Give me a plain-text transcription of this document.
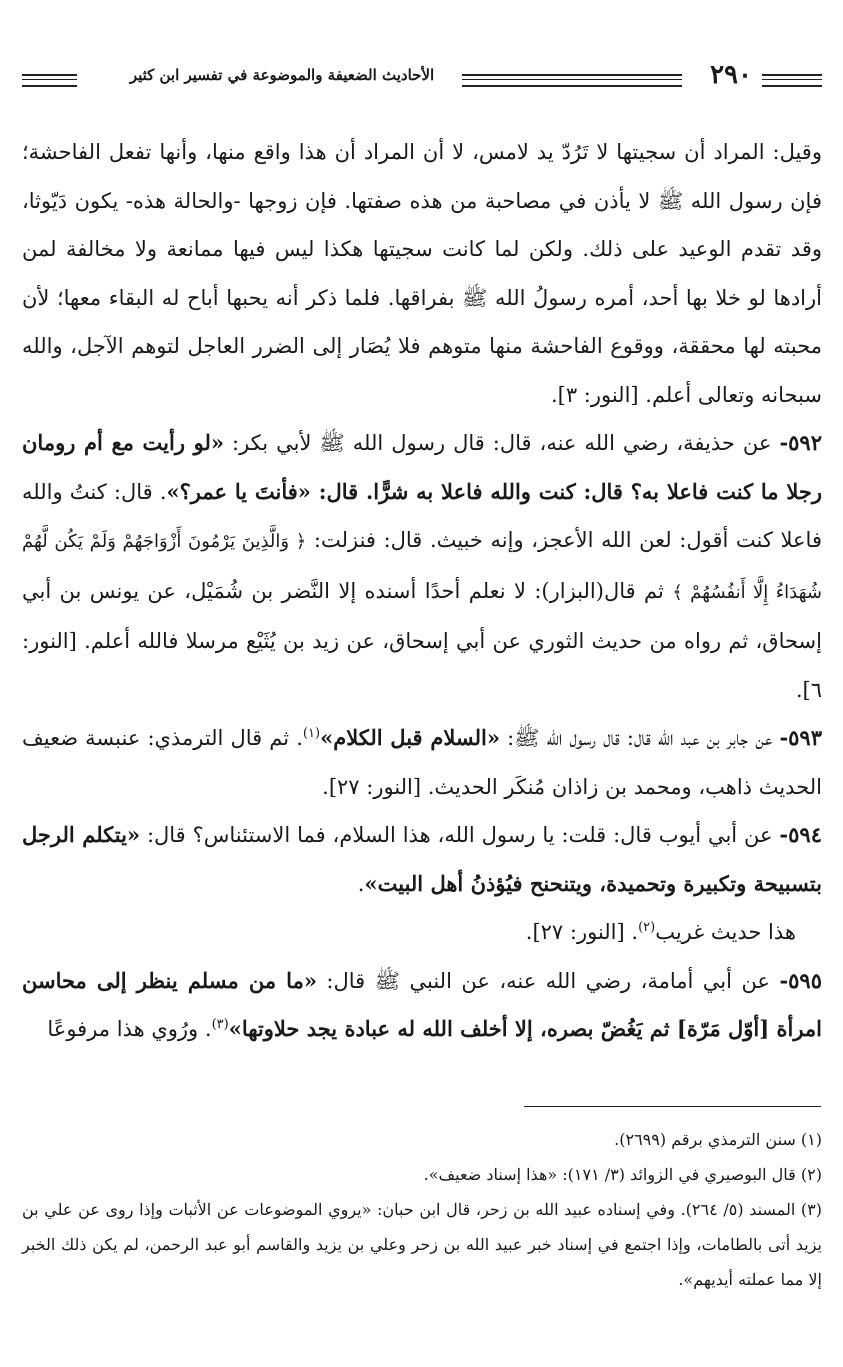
٢٩٠
الأحاديث الضعيفة والموضوعة في تفسير ابن كثير

وقيل: المراد أن سجيتها لا تَرُدّ يد لامس، لا أن المراد أن هذا واقع منها، وأنها تفعل الفاحشة؛ فإن رسول الله ﷺ لا يأذن في مصاحبة من هذه صفتها. فإن زوجها -والحالة هذه- يكون دَيّوثا، وقد تقدم الوعيد على ذلك. ولكن لما كانت سجيتها هكذا ليس فيها ممانعة ولا مخالفة لمن أرادها لو خلا بها أحد، أمره رسولُ الله ﷺ بفراقها. فلما ذكر أنه يحبها أباح له البقاء معها؛ لأن محبته لها محققة، ووقوع الفاحشة منها متوهم فلا يُصَار إلى الضرر العاجل لتوهم الآجل، والله سبحانه وتعالى أعلم. [النور: ٣].

٥٩٢- عن حذيفة، رضي الله عنه، قال: قال رسول الله ﷺ لأبي بكر: «لو رأيت مع أم رومان رجلا ما كنت فاعلا به؟ قال: كنت والله فاعلا به شرًّا. قال: «فأنتَ يا عمر؟». قال: كنتُ والله فاعلا كنت أقول: لعن الله الأعجز، وإنه خبيث. قال: فنزلت: ﴿ وَالَّذِينَ يَرْمُونَ أَزْوَاجَهُمْ وَلَمْ يَكُن لَّهُمْ شُهَدَاءُ إِلَّا أَنفُسُهُمْ ﴾ ثم قال(البزار): لا نعلم أحدًا أسنده إلا النَّضر بن شُمَيْل، عن يونس بن أبي إسحاق، ثم رواه من حديث الثوري عن أبي إسحاق، عن زيد بن يُثَيْع مرسلا فالله أعلم. [النور: ٦].

٥٩٣- عن جابر بن عبد الله قال: قال رسول الله ﷺ: «السلام قبل الكلام»$^{(١)}$. ثم قال الترمذي: عنبسة ضعيف الحديث ذاهب، ومحمد بن زاذان مُنكَر الحديث. [النور: ٢٧].

٥٩٤- عن أبي أيوب قال: قلت: يا رسول الله، هذا السلام، فما الاستئناس؟ قال: «يتكلم الرجل بتسبيحة وتكبيرة وتحميدة، ويتنحنح فيُؤذنُ أهل البيت».

هذا حديث غريب$^{(٢)}$. [النور: ٢٧].

٥٩٥- عن أبي أمامة، رضي الله عنه، عن النبي ﷺ قال: «ما من مسلم ينظر إلى محاسن امرأة [أوّل مَرّة] ثم يَغُضّ بصره، إلا أخلف الله له عبادة يجد حلاوتها»$^{(٣)}$. ورُوي هذا مرفوعًا

(١) سنن الترمذي برقم (٢٦٩٩).

(٢) قال البوصيري في الزوائد (٣/ ١٧١): «هذا إسناد ضعيف».

(٣) المسند (٥/ ٢٦٤). وفي إسناده عبيد الله بن زحر، قال ابن حبان: «يروي الموضوعات عن الأثبات وإذا روى عن علي بن يزيد أتى بالطامات، وإذا اجتمع في إسناد خبر عبيد الله بن زحر وعلي بن يزيد والقاسم أبو عبد الرحمن، لم يكن ذلك الخبر إلا مما عملته أيديهم».
